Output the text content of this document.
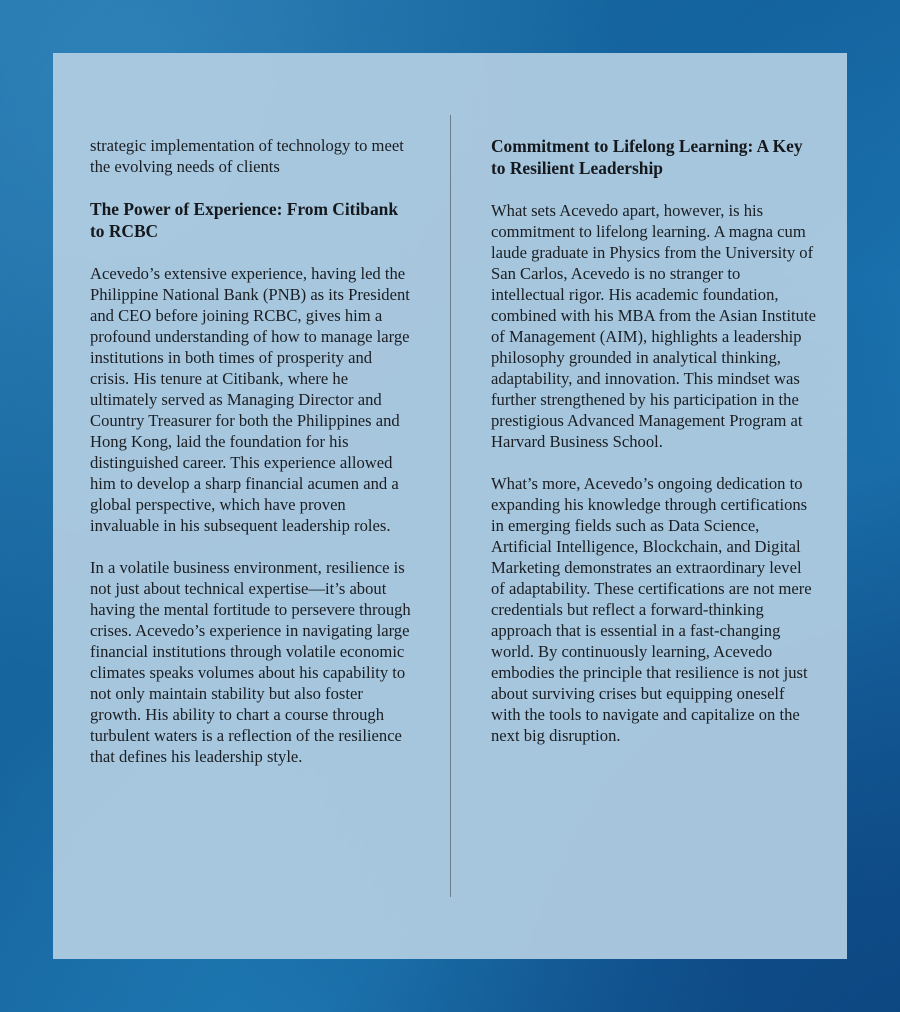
strategic implementation of technology to meet the evolving needs of clients

The Power of Experience: From Citibank to RCBC

Acevedo’s extensive experience, having led the Philippine National Bank (PNB) as its President and CEO before joining RCBC, gives him a profound understanding of how to manage large institutions in both times of prosperity and crisis. His tenure at Citibank, where he ultimately served as Managing Director and Country Treasurer for both the Philippines and Hong Kong, laid the foundation for his distinguished career. This experience allowed him to develop a sharp financial acumen and a global perspective, which have proven invaluable in his subsequent leadership roles.

In a volatile business environment, resilience is not just about technical expertise—it’s about having the mental fortitude to persevere through crises. Acevedo’s experience in navigating large financial institutions through volatile economic climates speaks volumes about his capability to not only maintain stability but also foster growth. His ability to chart a course through turbulent waters is a reflection of the resilience that defines his leadership style.

Commitment to Lifelong Learning: A Key to Resilient Leadership

What sets Acevedo apart, however, is his commitment to lifelong learning. A magna cum laude graduate in Physics from the University of San Carlos, Acevedo is no stranger to intellectual rigor. His academic foundation, combined with his MBA from the Asian Institute of Management (AIM), highlights a leadership philosophy grounded in analytical thinking, adaptability, and innovation. This mindset was further strengthened by his participation in the prestigious Advanced Management Program at Harvard Business School.

What’s more, Acevedo’s ongoing dedication to expanding his knowledge through certifications in emerging fields such as Data Science, Artificial Intelligence, Blockchain, and Digital Marketing demonstrates an extraordinary level of adaptability. These certifications are not mere credentials but reflect a forward-thinking approach that is essential in a fast-changing world. By continuously learning, Acevedo embodies the principle that resilience is not just about surviving crises but equipping oneself with the tools to navigate and capitalize on the next big disruption.
